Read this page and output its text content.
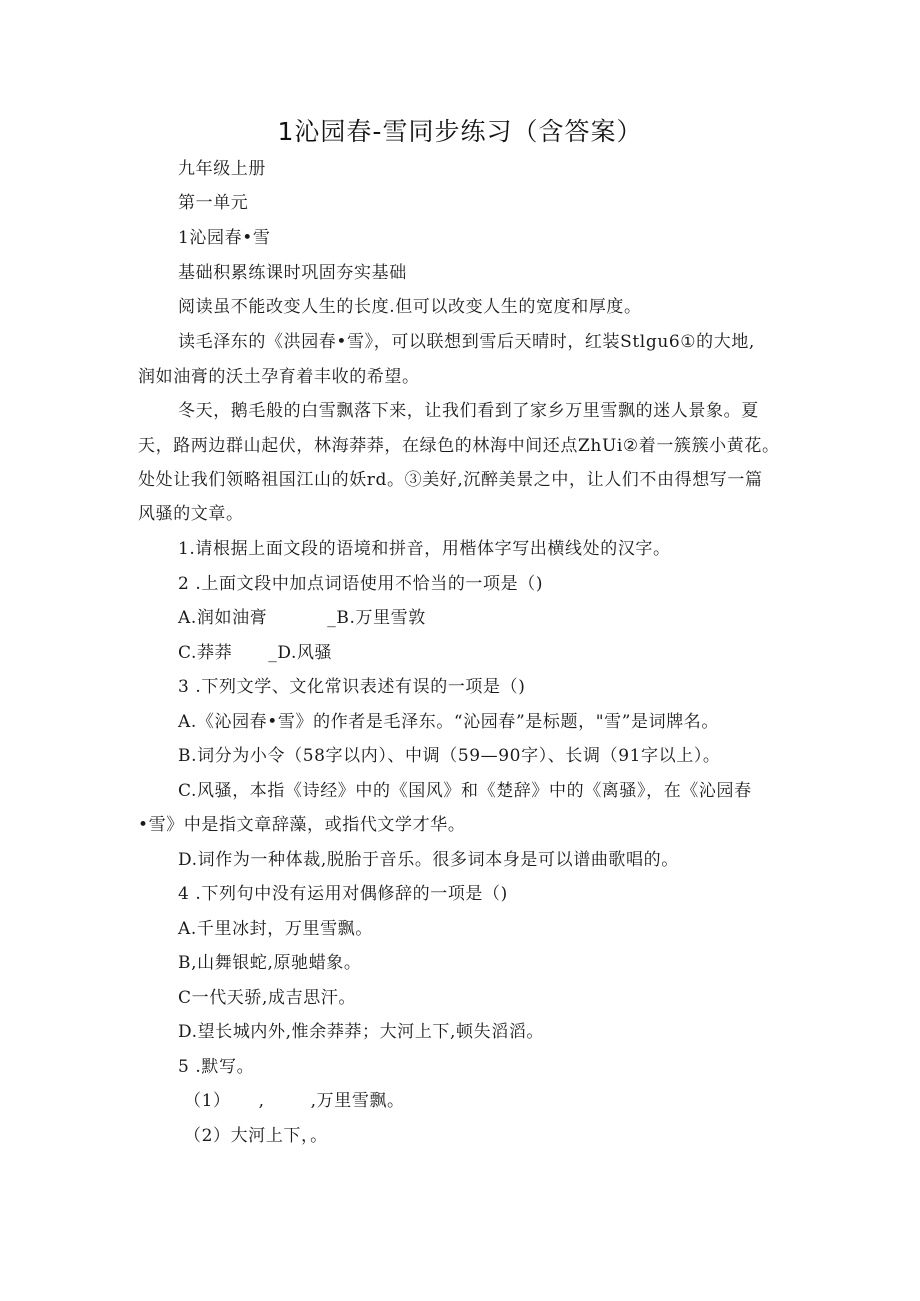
1沁园春-雪同步练习（含答案）
九年级上册
第一单元
1沁园春•雪
基础积累练课时巩固夯实基础
阅读虽不能改变人生的长度.但可以改变人生的宽度和厚度。
读毛泽东的《洪园春•雪》，可以联想到雪后天晴时，红装Stlgu6①的大地,
润如油膏的沃土孕育着丰收的希望。
冬天，鹅毛般的白雪飘落下来，让我们看到了家乡万里雪飘的迷人景象。夏
天，路两边群山起伏，林海莽莽，在绿色的林海中间还点ZhUi②着一簇簇小黄花。
处处让我们领略祖国江山的妖rd。③美好,沉醉美景之中，让人们不由得想写一篇
风骚的文章。
1.请根据上面文段的语境和拼音，用楷体字写出横线处的汉字。
2 .上面文段中加点词语使用不恰当的一项是（)
A.润如油膏	_B.万里雪敦
C.莽莽 _D.风骚
3 .下列文学、文化常识表述有误的一项是（)
A.《沁园春•雪》的作者是毛泽东。“沁园春”是标题，"雪”是词牌名。
B.词分为小令（58字以内）、中调（59—90字）、长调（91字以上）。
C.风骚，本指《诗经》中的《国风》和《楚辞》中的《离骚》，在《沁园春
•雪》中是指文章辞藻，或指代文学才华。
D.词作为一种体裁,脱胎于音乐。很多词本身是可以谱曲歌唱的。
4 .下列句中没有运用对偶修辞的一项是（)
A.千里冰封，万里雪飘。
B,山舞银蛇,原驰蜡象。
C一代天骄,成吉思汗。
D.望长城内外,惟余莽莽；大河上下,顿失滔滔。
5 .默写。
（1） ,	,万里雪飘。
（2）大河上下，。
